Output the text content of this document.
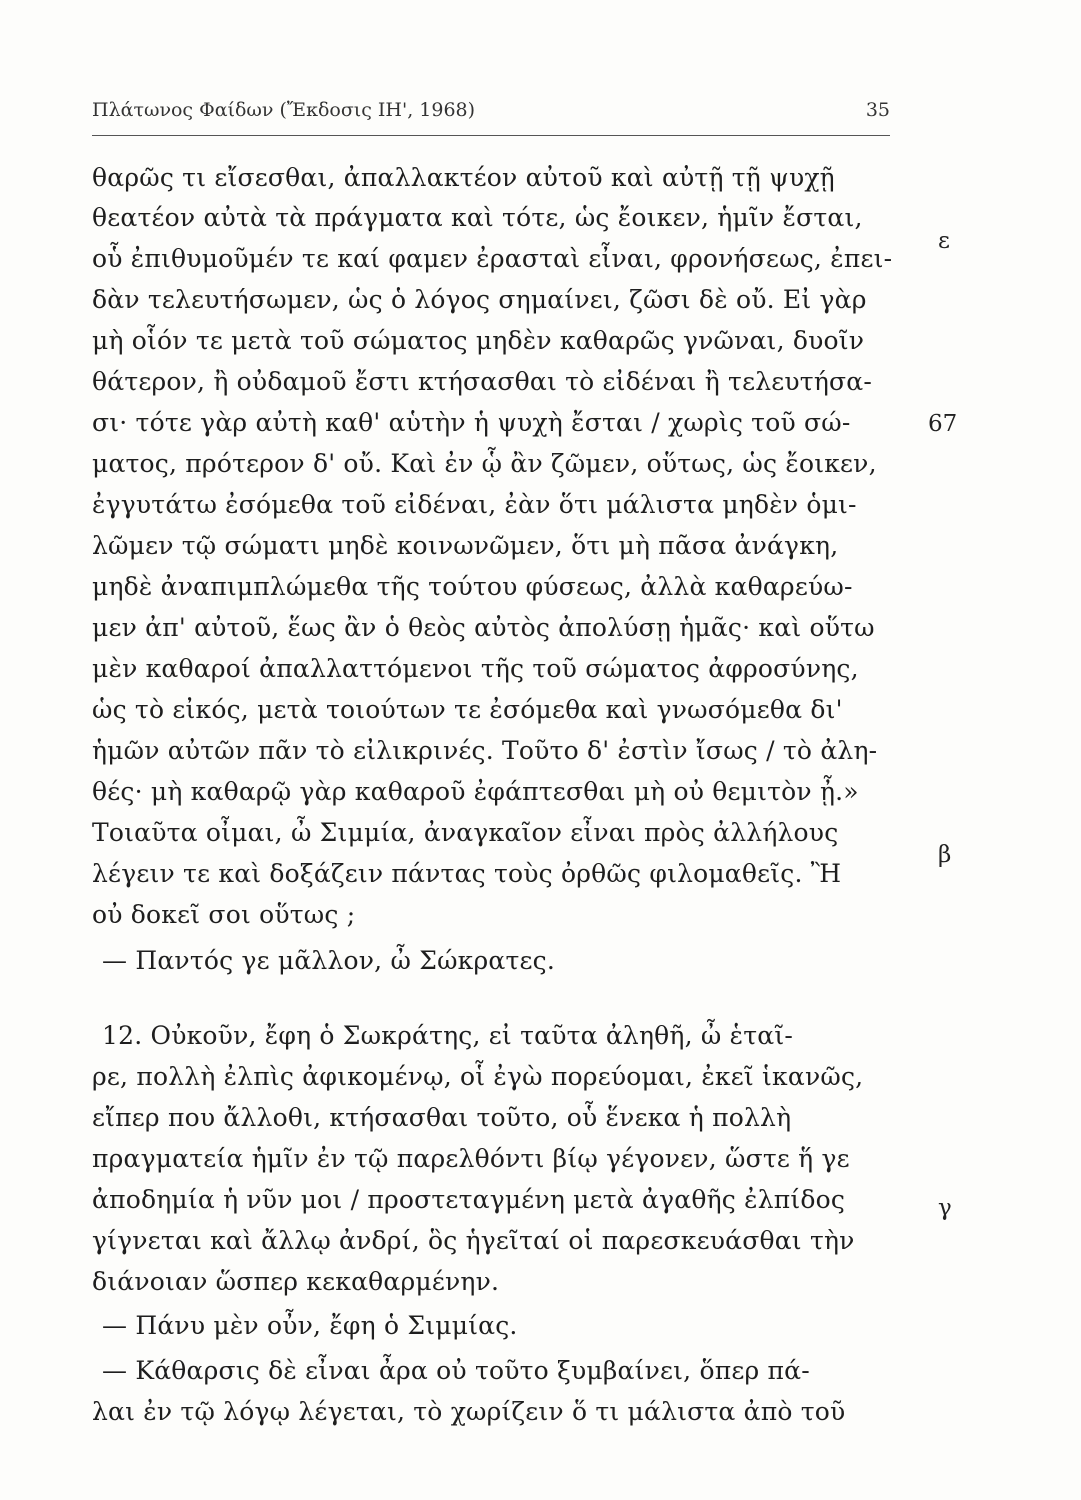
Πλάτωνος Φαίδων (Ἔκδοσις ΙΗ', 1968)	35
θαρῶς τι εἴσεσθαι, ἀπαλλακτέον αὐτοῦ καὶ αὐτῇ τῇ ψυχῇ
θεατέον αὐτὰ τὰ πράγματα καὶ τότε, ὡς ἔοικεν, ἡμῖν ἔσται,
οὗ ἐπιθυμοῦμέν τε καί φαμεν ἐρασταὶ εἶναι, φρονήσεως, ἐπει-
δὰν τελευτήσωμεν, ὡς ὁ λόγος σημαίνει, ζῶσι δὲ οὔ. Εἰ γὰρ
μὴ οἷόν τε μετὰ τοῦ σώματος μηδὲν καθαρῶς γνῶναι, δυοῖν
θάτερον, ἢ οὐδαμοῦ ἔστι κτήσασθαι τὸ εἰδέναι ἢ τελευτήσα-
σι· τότε γὰρ αὐτὴ καθ' αὑτὴν ἡ ψυχὴ ἔσται / χωρὶς τοῦ σώ-
ματος, πρότερον δ' οὔ. Καὶ ἐν ᾧ ἂν ζῶμεν, οὕτως, ὡς ἔοικεν,
ἐγγυτάτω ἐσόμεθα τοῦ εἰδέναι, ἐὰν ὅτι μάλιστα μηδὲν ὁμι-
λῶμεν τῷ σώματι μηδὲ κοινωνῶμεν, ὅτι μὴ πᾶσα ἀνάγκη,
μηδὲ ἀναπιμπλώμεθα τῆς τούτου φύσεως, ἀλλὰ καθαρεύω-
μεν ἀπ' αὐτοῦ, ἕως ἂν ὁ θεὸς αὐτὸς ἀπολύσῃ ἡμᾶς· καὶ οὕτω
μὲν καθαροί ἀπαλλαττόμενοι τῆς τοῦ σώματος ἀφροσύνης,
ὡς τὸ εἰκός, μετὰ τοιούτων τε ἐσόμεθα καὶ γνωσόμεθα δι'
ἡμῶν αὐτῶν πᾶν τὸ εἰλικρινές. Τοῦτο δ' ἐστὶν ἴσως / τὸ ἀλη-
θές· μὴ καθαρῷ γὰρ καθαροῦ ἐφάπτεσθαι μὴ οὐ θεμιτὸν ᾖ.»
Τοιαῦτα οἶμαι, ὦ Σιμμία, ἀναγκαῖον εἶναι πρὸς ἀλλήλους
λέγειν τε καὶ δοξάζειν πάντας τοὺς ὀρθῶς φιλομαθεῖς. Ἢ
οὐ δοκεῖ σοι οὕτως ;
— Παντός γε μᾶλλον, ὦ Σώκρατες.
12. Οὐκοῦν, ἔφη ὁ Σωκράτης, εἰ ταῦτα ἀληθῆ, ὦ ἑταῖ-
ρε, πολλὴ ἐλπὶς ἀφικομένῳ, οἷ ἐγὼ πορεύομαι, ἐκεῖ ἱκανῶς,
εἴπερ που ἄλλοθι, κτήσασθαι τοῦτο, οὗ ἕνεκα ἡ πολλὴ
πραγματεία ἡμῖν ἐν τῷ παρελθόντι βίῳ γέγονεν, ὥστε ἥ γε
ἀποδημία ἡ νῦν μοι / προστεταγμένη μετὰ ἀγαθῆς ἐλπίδος
γίγνεται καὶ ἄλλῳ ἀνδρί, ὃς ἡγεῖταί οἱ παρεσκευάσθαι τὴν
διάνοιαν ὥσπερ κεκαθαρμένην.
— Πάνυ μὲν οὖν, ἔφη ὁ Σιμμίας.
— Κάθαρσις δὲ εἶναι ἆρα οὐ τοῦτο ξυμβαίνει, ὅπερ πά-
λαι ἐν τῷ λόγῳ λέγεται, τὸ χωρίζειν ὅ τι μάλιστα ἀπὸ τοῦ
ε
67
β
γ
